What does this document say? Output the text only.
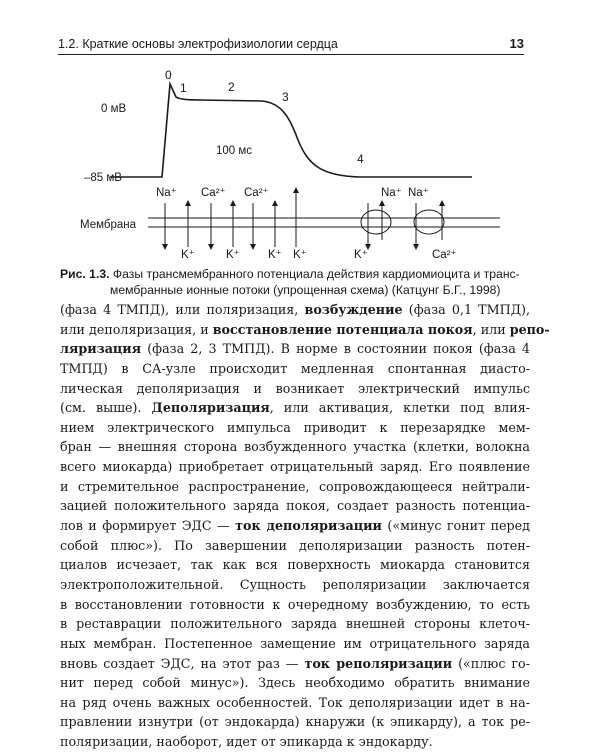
1.2. Краткие основы электрофизиологии сердца	13
0
1	2
3
4
0 мВ
–85 мВ
100 мс
Мембрана
Na⁺ Ca²⁺ Ca²⁺	Na⁺ Na⁺
K⁺	K⁺ K⁺ K⁺	K⁺	Ca²⁺
Рис. 1.3. Фазы трансмембранного потенциала действия кардиомиоцита и транс-
мембранные ионные потоки (упрощенная схема) (Катцунг Б.Г., 1998)
(фаза 4 ТМПД), или поляризация, возбуждение (фаза 0,1 ТМПД),
или деполяризация, и восстановление потенциала покоя, или репо-
ляризация (фаза 2, 3 ТМПД). В норме в состоянии покоя (фаза 4
ТМПД) в СА-узле происходит медленная спонтанная диасто-
лическая деполяризация и возникает электрический импульс
(см. выше). Деполяризация, или активация, клетки под влия-
нием электрического импульса приводит к перезарядке мем-
бран — внешняя сторона возбужденного участка (клетки, волокна
всего миокарда) приобретает отрицательный заряд. Его появление
и стремительное распространение, сопровождающееся нейтрали-
зацией положительного заряда покоя, создает разность потенциа-
лов и формирует ЭДС — ток деполяризации («минус гонит перед
собой плюс»). По завершении деполяризации разность потен-
циалов исчезает, так как вся поверхность миокарда становится
электроположительной. Сущность реполяризации заключается
в восстановлении готовности к очередному возбуждению, то есть
в реставрации положительного заряда внешней стороны клеточ-
ных мембран. Постепенное замещение им отрицательного заряда
вновь создает ЭДС, на этот раз — ток реполяризации («плюс го-
нит перед собой минус»). Здесь необходимо обратить внимание
на ряд очень важных особенностей. Ток деполяризации идет в на-
правлении изнутри (от эндокарда) кнаружи (к эпикарду), а ток ре-
поляризации, наоборот, идет от эпикарда к эндокарду.
